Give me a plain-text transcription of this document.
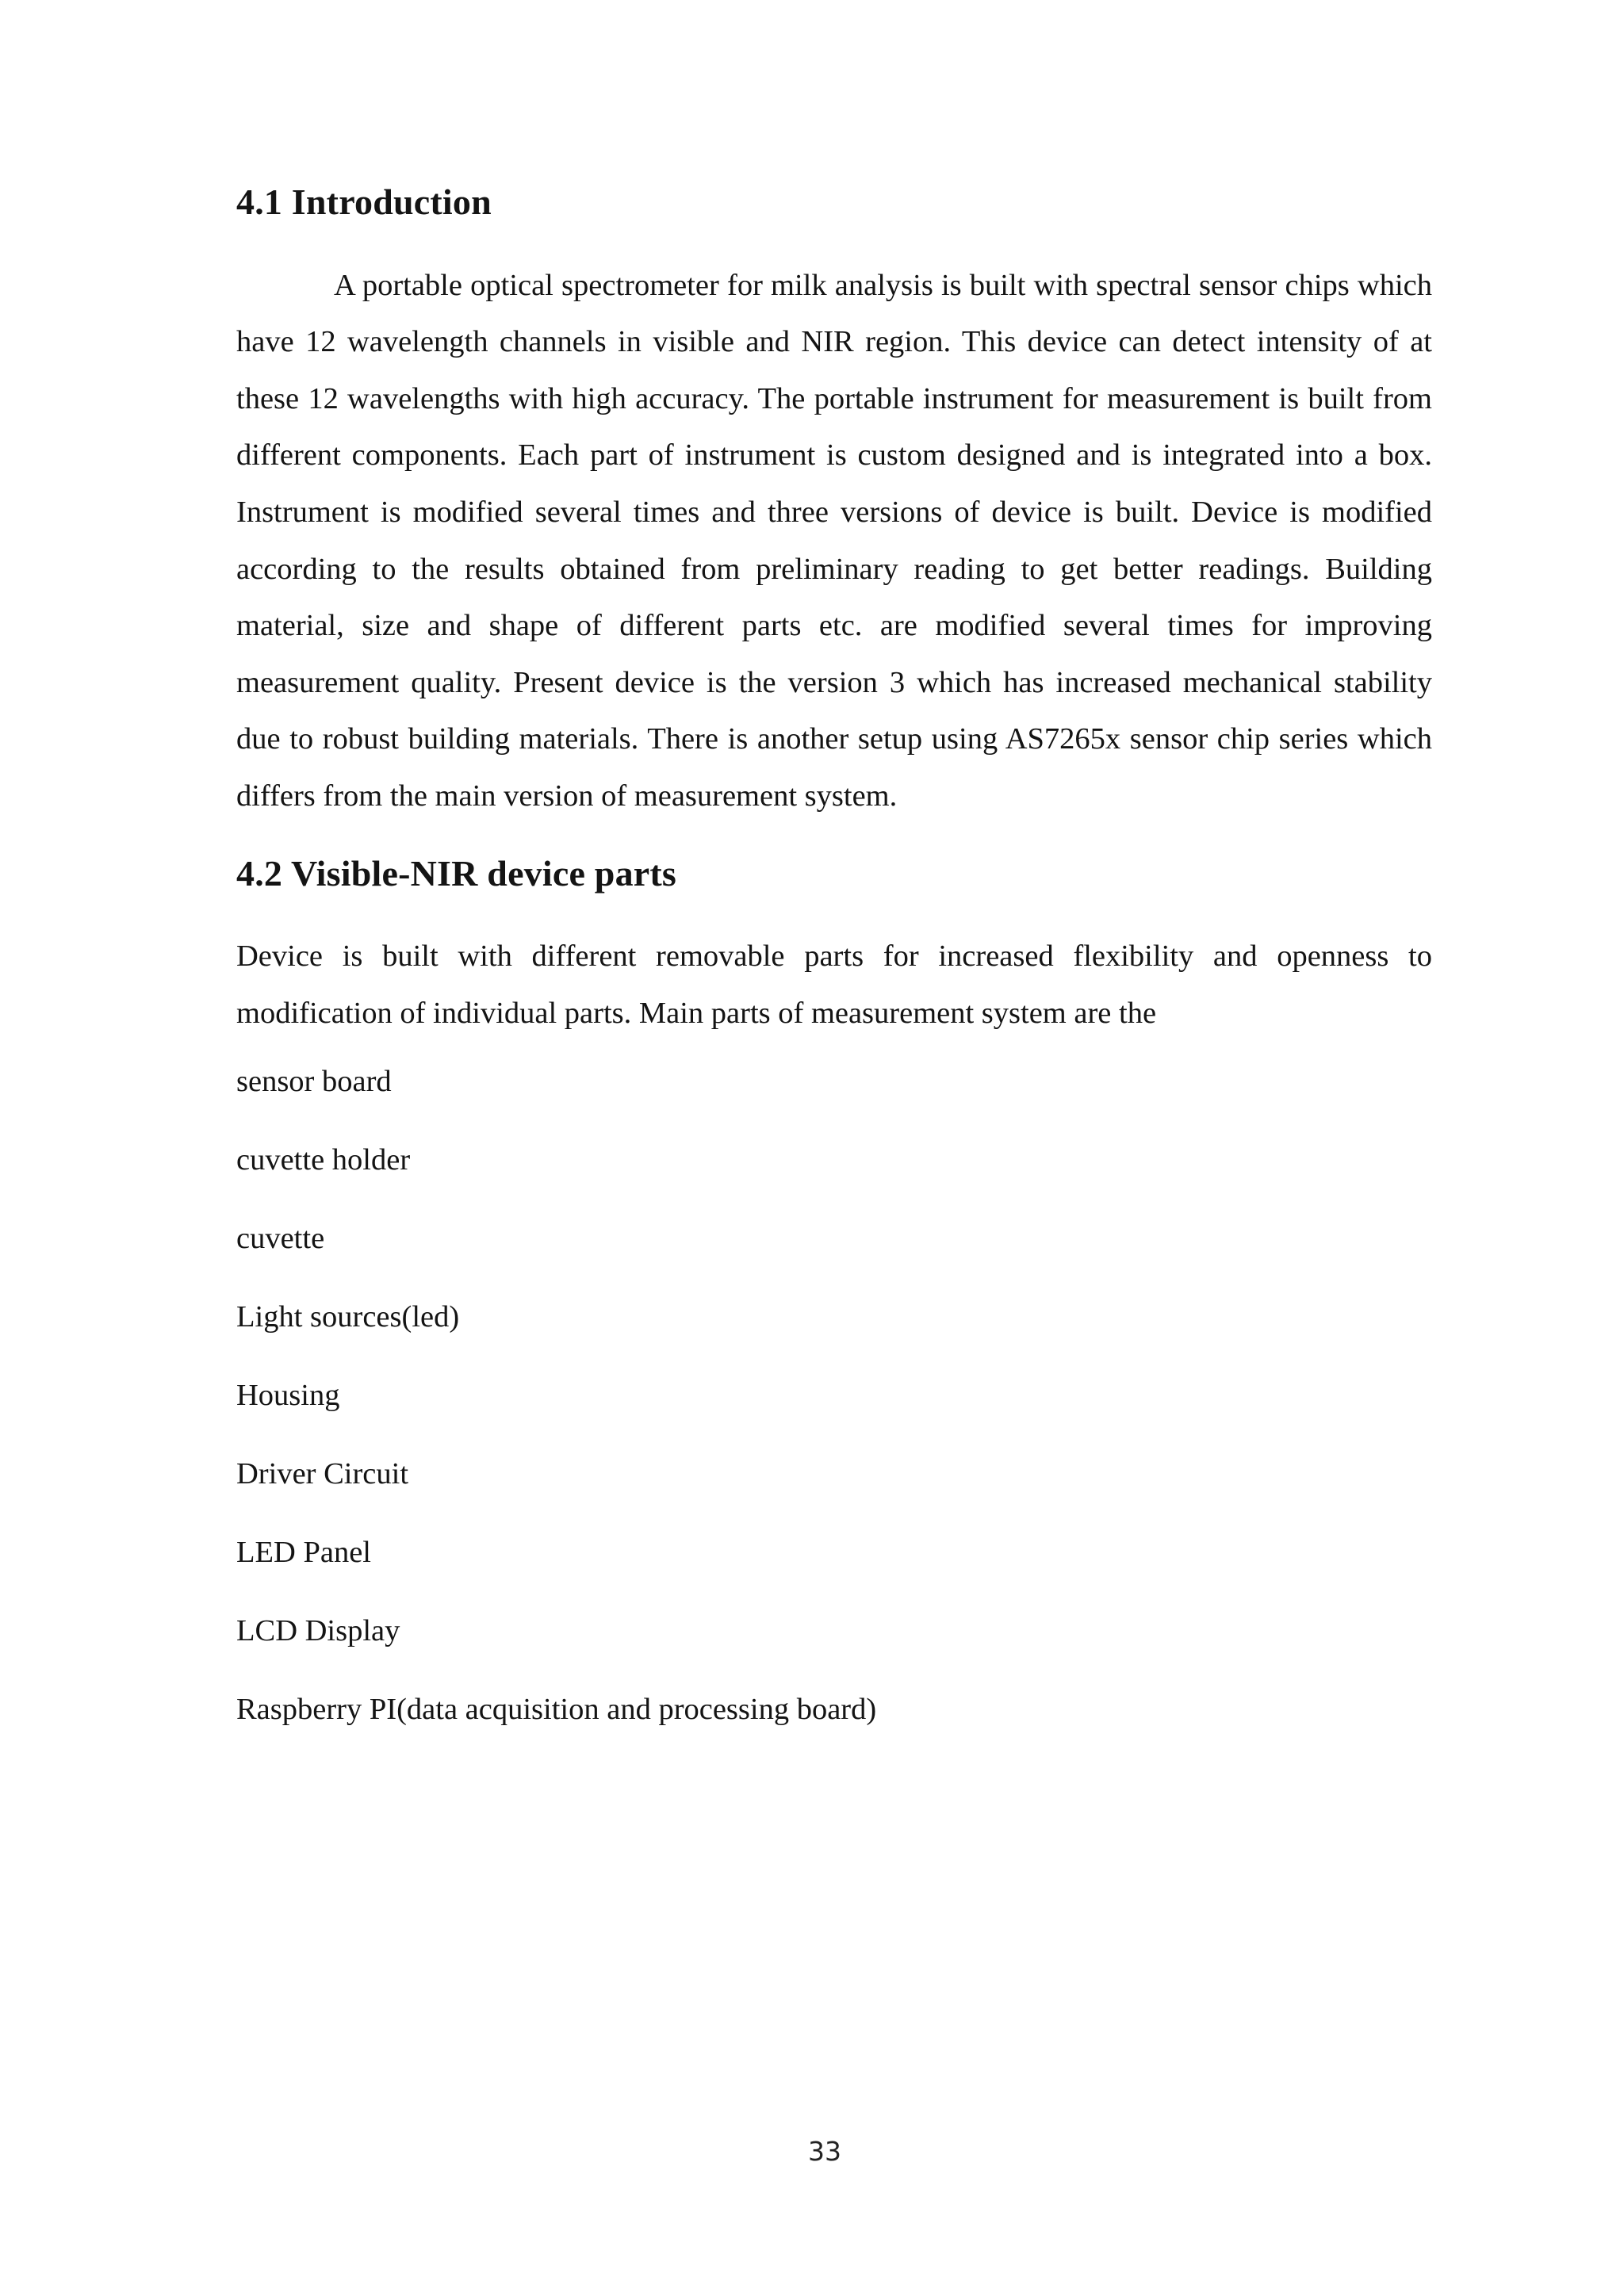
4.1 Introduction

A portable optical spectrometer for milk analysis is built with spectral sensor chips which have 12 wavelength channels in visible and NIR region. This device can detect intensity of at these 12 wavelengths with high accuracy. The portable instrument for measurement is built from different components. Each part of instrument is custom designed and is integrated into a box. Instrument is modified several times and three versions of device is built. Device is modified according to the results obtained from preliminary reading to get better readings. Building material, size and shape of different parts etc. are modified several times for improving measurement quality. Present device is the version 3 which has increased mechanical stability due to robust building materials. There is another setup using AS7265x sensor chip series which differs from the main version of measurement system.

4.2 Visible-NIR device parts

Device is built with different removable parts for increased flexibility and openness to modification of individual parts. Main parts of measurement system are the

sensor board
cuvette holder
cuvette
Light sources(led)
Housing
Driver Circuit
LED Panel
LCD Display
Raspberry PI(data acquisition and processing board)
33
